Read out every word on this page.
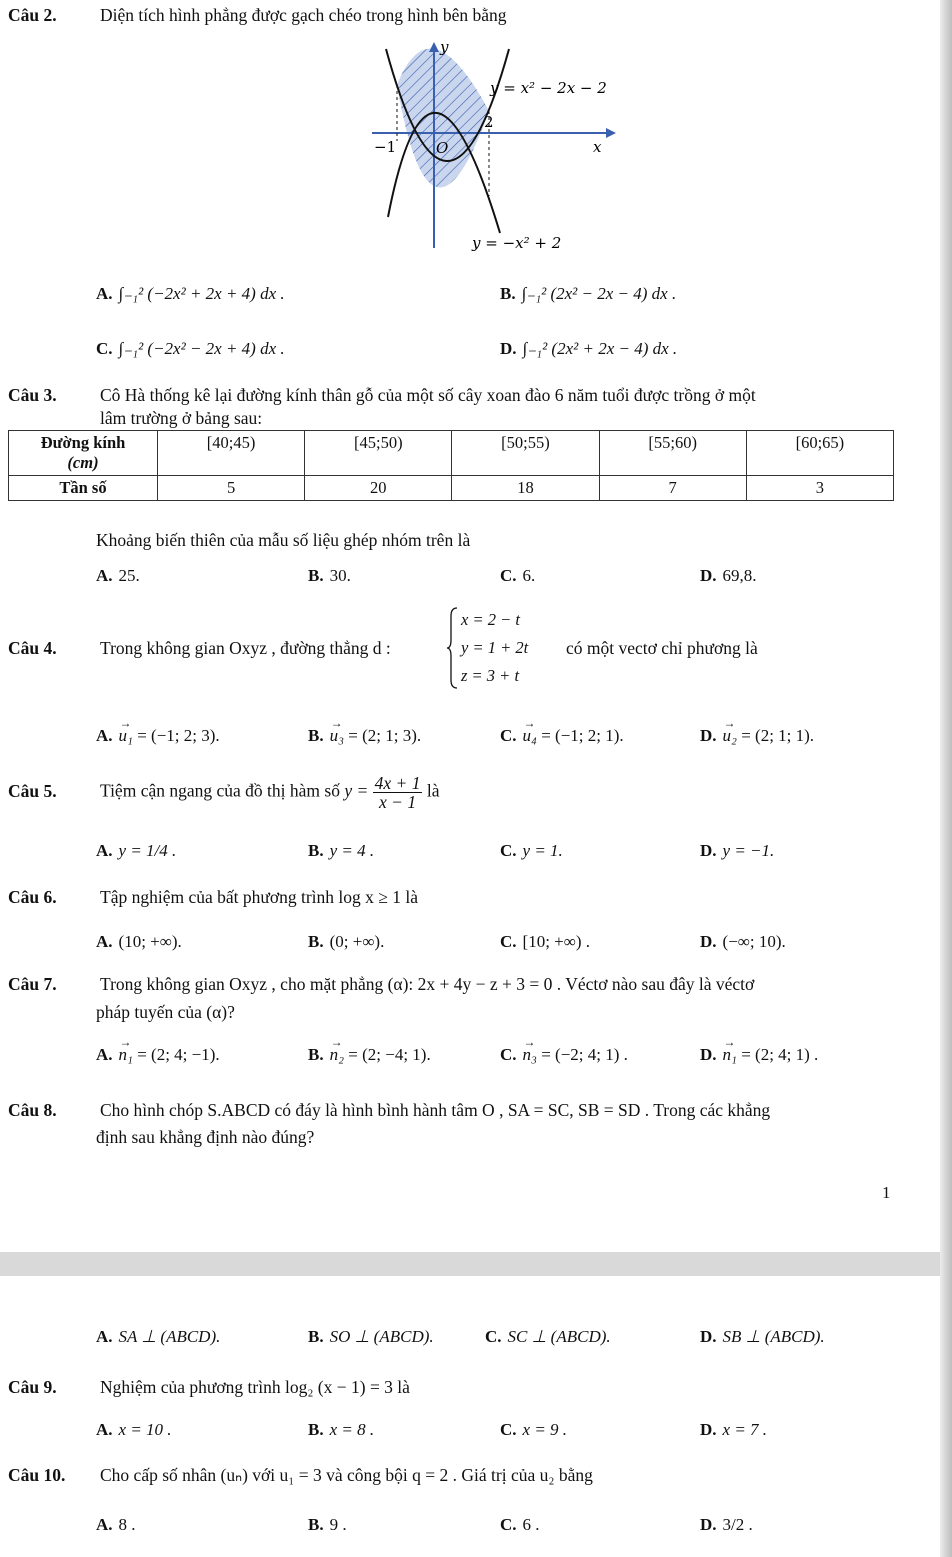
Câu 2. Diện tích hình phẳng được gạch chéo trong hình bên bằng
y
x
O
−1
2
y = x² − 2x − 2
y = −x² + 2
A. ∫₋₁² (−2x² + 2x + 4) dx .	B. ∫₋₁² (2x² − 2x − 4) dx .
C. ∫₋₁² (−2x² − 2x + 4) dx .	D. ∫₋₁² (2x² + 2x − 4) dx .
Câu 3. Cô Hà thống kê lại đường kính thân gỗ của một số cây xoan đào 6 năm tuổi được trồng ở một
lâm trường ở bảng sau:
Đường kính
(cm)	[40;45)	[45;50)	[50;55)	[55;60)	[60;65)
Tần số	5	20	18	7	3
Khoảng biến thiên của mẫu số liệu ghép nhóm trên là
A. 25.	B. 30.	C. 6.	D. 69,8.
Câu 4. Trong không gian Oxyz , đường thẳng d :
x = 2 − t
y = 1 + 2t
z = 3 + t
có một vectơ chỉ phương là
A. → u₁ = (−1; 2; 3).	B. → u₃ = (2; 1; 3).	C. → u₄ = (−1; 2; 1).	D. → u₂ = (2; 1; 1).
Câu 5. Tiệm cận ngang của đồ thị hàm số $y = \frac{4x + 1}{x - 1}$ là
A. y = 1/4 .	B. y = 4 .	C. y = 1.	D. y = −1.
Câu 6. Tập nghiệm của bất phương trình log x ≥ 1 là
A. (10; +∞).	B. (0; +∞).	C. [10; +∞) .	D. (−∞; 10).
Câu 7. Trong không gian Oxyz , cho mặt phẳng (α): 2x + 4y − z + 3 = 0 . Véctơ nào sau đây là véctơ
pháp tuyến của (α)?
A. → n₁ = (2; 4; −1).	B. → n₂ = (2; −4; 1).	C. → n₃ = (−2; 4; 1) .	D. → n₁ = (2; 4; 1) .
Câu 8. Cho hình chóp S.ABCD có đáy là hình bình hành tâm O , SA = SC, SB = SD . Trong các khẳng
định sau khẳng định nào đúng?
1
A. SA ⊥ (ABCD).	B. SO ⊥ (ABCD).	C. SC ⊥ (ABCD).	D. SB ⊥ (ABCD).
Câu 9. Nghiệm của phương trình log₂ (x − 1) = 3 là
A. x = 10 .	B. x = 8 .	C. x = 9 .	D. x = 7 .
Câu 10. Cho cấp số nhân (uₙ) với u₁ = 3 và công bội q = 2 . Giá trị của u₂ bằng
A. 8 .	B. 9 .	C. 6 .	D. 3/2 .
